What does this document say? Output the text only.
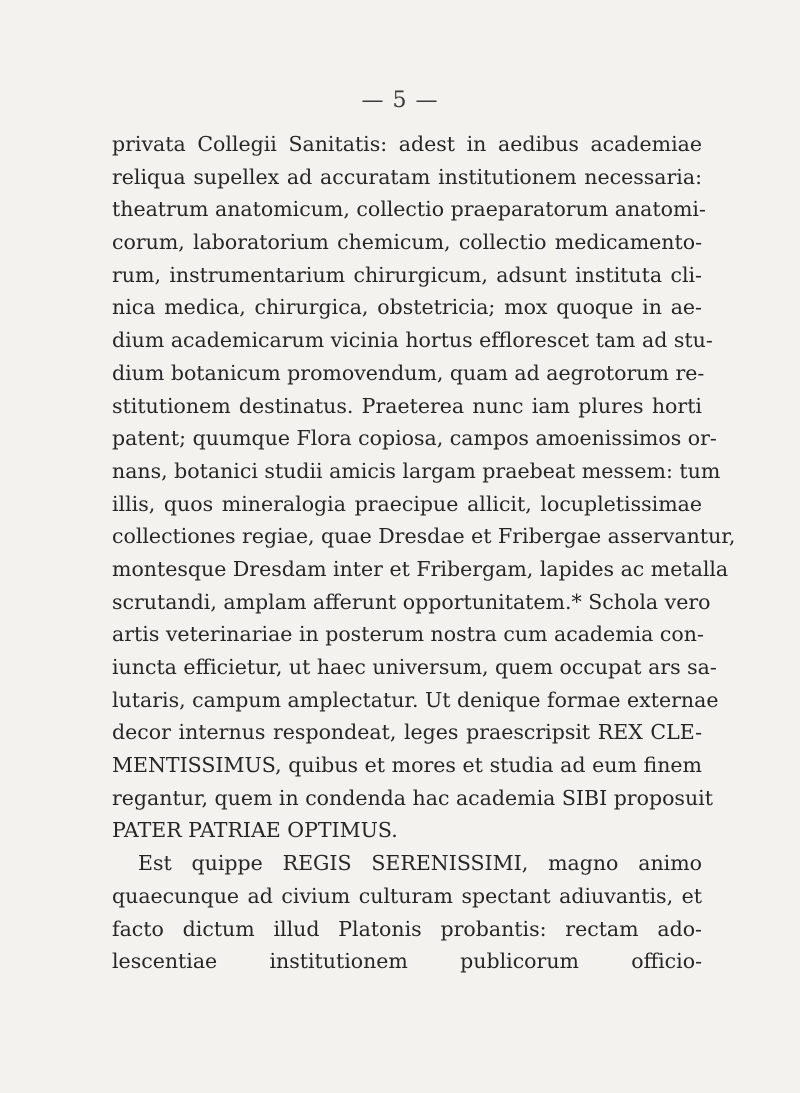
— 5 —
privata Collegii Sanitatis: adest in aedibus academiae
reliqua supellex ad accuratam institutionem necessaria:
theatrum anatomicum, collectio praeparatorum anatomi-
corum, laboratorium chemicum, collectio medicamento-
rum, instrumentarium chirurgicum, adsunt instituta cli-
nica medica, chirurgica, obstetricia; mox quoque in ae-
dium academicarum vicinia hortus efflorescet tam ad stu-
dium botanicum promovendum, quam ad aegrotorum re-
stitutionem destinatus. Praeterea nunc iam plures horti
patent; quumque Flora copiosa, campos amoenissimos or-
nans, botanici studii amicis largam praebeat messem: tum
illis, quos mineralogia praecipue allicit, locupletissimae
collectiones regiae, quae Dresdae et Fribergae asservantur,
montesque Dresdam inter et Fribergam, lapides ac metalla
scrutandi, amplam afferunt opportunitatem.* Schola vero
artis veterinariae in posterum nostra cum academia con-
iuncta efficietur, ut haec universum, quem occupat ars sa-
lutaris, campum amplectatur. Ut denique formae externae
decor internus respondeat, leges praescripsit REX CLE-
MENTISSIMUS, quibus et mores et studia ad eum finem
regantur, quem in condenda hac academia SIBI proposuit
PATER PATRIAE OPTIMUS.
Est quippe REGIS SERENISSIMI, magno animo
quaecunque ad civium culturam spectant adiuvantis, et
facto dictum illud Platonis probantis: rectam ado-
lescentiae institutionem publicorum officio-
